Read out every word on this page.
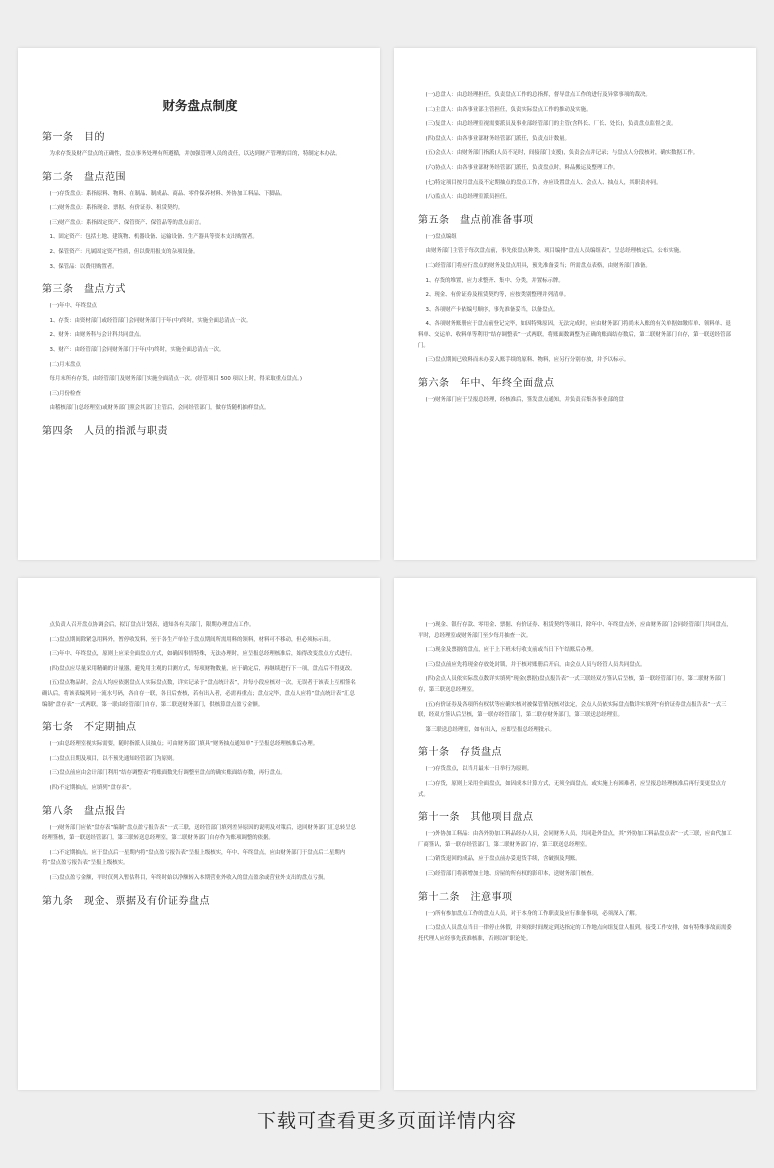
财务盘点制度
第一条　目的

为求存货及财产盘点的正确性，盘点事务处理有所遵循，并加强管理人员的责任，以达到财产管理的目的，特制定本办法。

第二条　盘点范围

(一)存货盘点：系指原料、物料、在制品、制成品、商品、零件保养材料、外协加工料品、下脚品。

(二)财务盘点：系指现金、票据、有价证券、租赁契约。

(三)财产盘点：系指固定资产、保管资产、保管品等的盘点而言。

1、固定资产：包括土地、建筑物、机器设备、运输设备、生产器具等资本支出购置者。

2、保管资产：凡属固定资产性质，但以费用报支的杂项设备。

3、保管品：以费用购置者。

第三条　盘点方式

(一)年中、年终盘点

1、存货：由资材部门或经管部门会同财务部门于年(中)终时，实施全面总清点一次。

2、财务：由财务科与会计科共同盘点。

3、财产：由经管部门会同财务部门于年(中)终时，实施全面总清点一次。

(二)月末盘点

每月末所有存货，由经管部门及财务部门实施全面清点一次。(经管项目 500 项以上时，得采取重点盘点。)

(三)月份检查

由稽核部门(总经理室)或财务部门照会其部门主管后，会同经管部门，做存货随机抽样盘点。

第四条　人员的指派与职责

(一)总盘人：由总经理担任，负责盘点工作的总指挥，督导盘点工作的进行及异常事项的裁决。

(二)主盘人：由各事业部主管担任，负责实际盘点工作的推动及实施。

(三)复盘人：由总经理室视需要派员及事业部经管部门的主管(含科长、厂长、处长)，负责盘点监督之责。

(四)盘点人：由各事业部财务经管部门派任，负责点计数量。

(五)会点人：由财务部门指派(人员不足时，间接部门支援)，负责会点并记录；与盘点人分段核对，确实数据工作。

(六)协点人：由各事业部财务经管部门派任，负责盘点时，料品搬运及整理工作。

(七)特定项目按月盘点及不定期抽点的盘点工作，亦应设置盘点人、会点人、抽点人，其职责亦同。

(八)监点人：由总经理室派员担任。

第五条　盘点前准备事项

(一)盘点编组

由财务部门主管于每次盘点前，事先依盘点种类、项目编排“盘点人员编组表”，呈总经理核定后，公布实施。

(二)经管部门将应行盘点的财务及盘点用具，预先准备妥当；所需盘点表格，由财务部门准备。

1、存货的堆置，应力求整齐、集中、分类，并置标示牌。

2、现金、有价证券及租赁契约等，应按类别整理并列清单。

3、各项财产卡依编号顺序，事先准备妥当，以备盘点。

4、各项财务账册应于盘点前登记完毕，如因特殊原因，无法完成时，应由财务部门将尚未入账的有关单据如缴库单、领料单、退料单、交运单、收料单等利用“结存调整表”一式两联，将账面数调整为正确的账面结存数后，第二联财务部门自存，第一联送经管部门。

(三)盘点期间已收料而未办妥入账手续的原料、物料，应另行分别存放，并予以标示。

第六条　年中、年终全面盘点

(一)财务部门应于呈报总经理，经核准后，签发盘点通知，并负责召集各事业部的盘

点负责人召开盘点协调会后，拟订盘点计划表，通知各有关部门，限期办理盘点工作。

(二)盘点期间除紧急用料外，暂停收发料，至于各生产单位于盘点期间所需用料的领料，材料可不移动，但必须标示出。

(三)年中、年终盘点，原则上应采全面盘点方式，如确因事情特殊，无法办理时，应呈报总经理核准后，始得改变盘点方式进行。

(四)盘点应尽量采用精确的计量器，避免用主观的目测方式，每项财物数量，应于确定后，再继续进行下一项，盘点后不得更改。

(五)盘点物品时，会点人均应依据盘点人实际盘点数，详实记录于“盘点统计表”，并每小段应核对一次，无误者于该表上互相签名确认后，将该表编列同一流水号码，各自存一联，各日后查核，若有出入者，必需再重点；盘点完毕，盘点人应将“盘点统计表”汇总编制“盘存表”一式两联，第一联由经管部门自存，第二联送财务部门，供核算盘点盈亏金额。

第七条　不定期抽点

(一)由总经理室视实际需要，随时指派人员抽点；可由财务部门填具“财务抽点通知单”于呈报总经理核准后办理。

(二)盘点日期及项目，以不预先通知经管部门为原则。

(三)盘点前应由会计部门利用“结存调整表”将账面数先行调整至盘点的确实账面结存数，再行盘点。

(四)不定期抽点，应填列“盘存表”。

第八条　盘点报告

(一)财务部门应依“盘存表”编制“盘点盈亏报告表”一式三联，送经管部门填列差异原因的说明及对策后，送回财务部门汇总转呈总经理签核，第一联送经管部门，第三联转送总经理室，第二联财务部门自存作为账项调整的依据。

(二)不定期抽点，应于盘点后一星期内将“盘点盈亏报告表”呈报上级核实，年中、年终盘点，应由财务部门于盘点后二星期内将“盘点盈亏报告表”呈报上级核实。

(三)盘点盈亏金额，平时仅列入暂估科目，年终时始以净额转入本期营业外收入的盘点盈余或营业外支出的盘点亏损。

第九条　现金、票据及有价证券盘点

(一)现金、银行存款、零用金、票据、有价证券、租赁契约等项目，除年中、年终盘点外，应由财务部门会同经管部门共同盘点，平时，总经理室或财务部门至少每月抽查一次。

(二)现金及票据的盘点，应于上下班未行收支前或当日下午结账后办理。

(三)盘点前应先将现金存放处封锁，并于核对账册后开启，由会点人员与经管人员共同盘点。

(四)会点人员依实际盘点数详实填列“现金(票据)盘点报告表”一式三联经双方签认后呈核，第一联经管部门存，第二联财务部门存，第三联送总经理室。

(五)有价证券及各项所有权状等应确实核对被保管情况核对法定，会点人员依实际盘点数详实填列“有价证券盘点报告表”一式三联，经双方签认后呈核，第一联存经管部门，第二联存财务部门，第三联送总经理室。

第三联送总经理室，如有出入，应即呈报总经理批示。

第十条　存货盘点

(一)存货盘点，以当月最末一日举行为原则。

(二)存货，原则上采用全面盘点，如因成本计算方式，无须全面盘点，或实施上有困难者，应呈报总经理核准后再行变更盘点方式。

第十一条　其他项目盘点

(一)外协加工料品：由各外协加工料品经办人员，会同财务人员，共同赴外盘点，其“外协加工料品盘点表”一式三联，应由代加工厂商签认，第一联存经管部门，第二联财务部门存，第三联送总经理室。

(二)销货退回的成品，应于盘点前办妥退货手续，含破损及判账。

(三)经管部门将新增加土地、房屋的所有权的影印本，送财务部门核查。

第十二条　注意事项

(一)所有参加盘点工作的盘点人员，对于本身的工作职责及应行准备事项，必须深入了解。

(二)盘点人员盘点当日一律停止休假，并须依时间规定到达指定的工作地点向组复盘人报到，接受工作安排，如有特殊事故而需委托代理人应经事先获准核准，否则以旷职论处。

下载可查看更多页面详情内容
